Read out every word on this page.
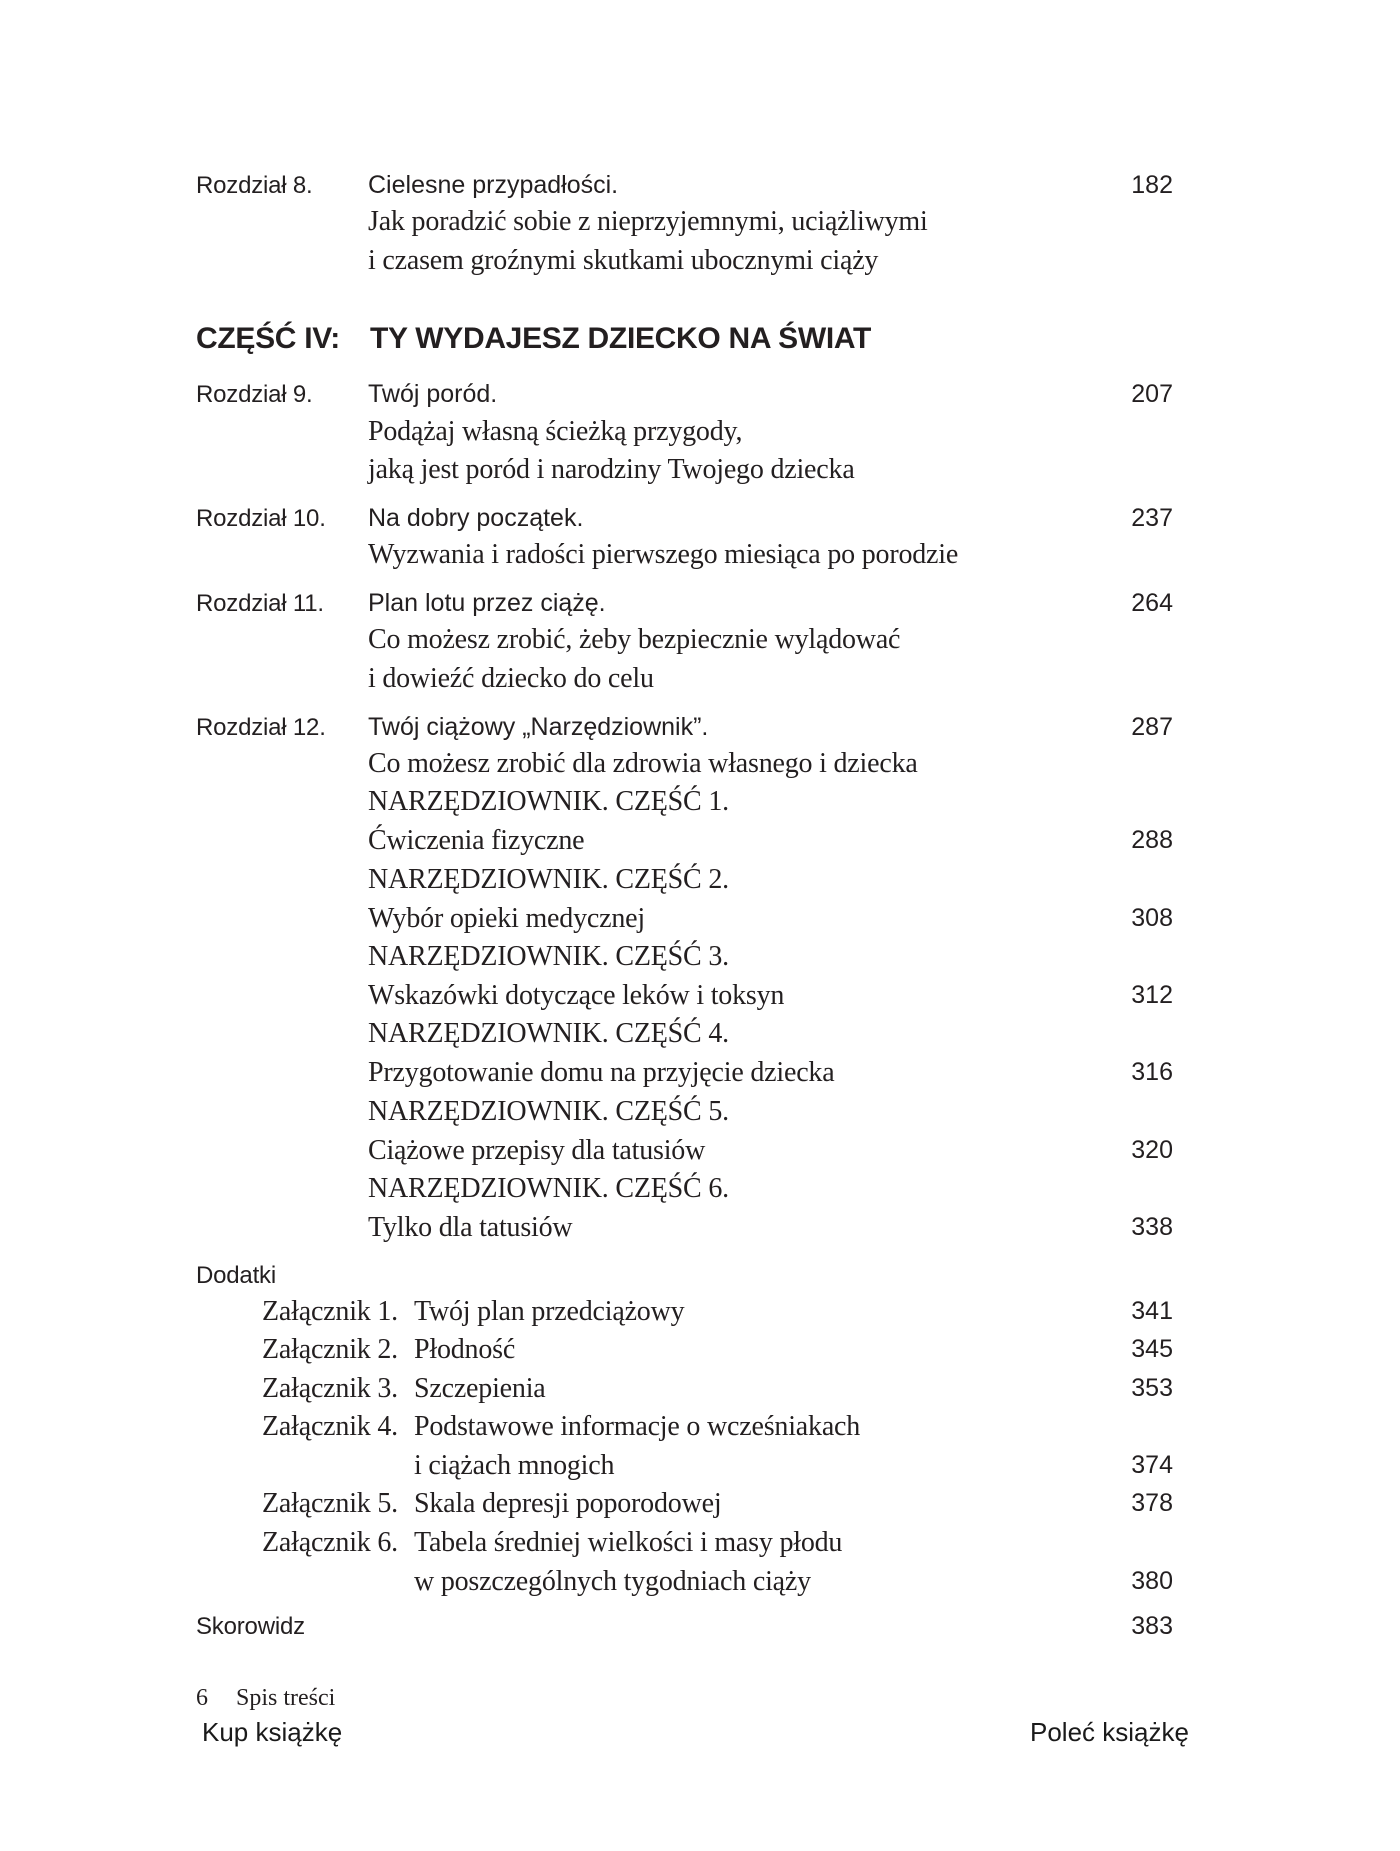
Rozdział 8. Cielesne przypadłości.	182
Jak poradzić sobie z nieprzyjemnymi, uciążliwymi
i czasem groźnymi skutkami ubocznymi ciąży
CZĘŚĆ IV: TY WYDAJESZ DZIECKO NA ŚWIAT
Rozdział 9. Twój poród.	207
Podążaj własną ścieżką przygody,
jaką jest poród i narodziny Twojego dziecka
Rozdział 10. Na dobry początek.	237
Wyzwania i radości pierwszego miesiąca po porodzie
Rozdział 11. Plan lotu przez ciążę.	264
Co możesz zrobić, żeby bezpiecznie wylądować
i dowieźć dziecko do celu
Rozdział 12. Twój ciążowy „Narzędziownik”.	287
Co możesz zrobić dla zdrowia własnego i dziecka
NARZĘDZIOWNIK. CZĘŚĆ 1.
Ćwiczenia fizyczne	288
NARZĘDZIOWNIK. CZĘŚĆ 2.
Wybór opieki medycznej	308
NARZĘDZIOWNIK. CZĘŚĆ 3.
Wskazówki dotyczące leków i toksyn	312
NARZĘDZIOWNIK. CZĘŚĆ 4.
Przygotowanie domu na przyjęcie dziecka	316
NARZĘDZIOWNIK. CZĘŚĆ 5.
Ciążowe przepisy dla tatusiów	320
NARZĘDZIOWNIK. CZĘŚĆ 6.
Tylko dla tatusiów	338
Dodatki
Załącznik 1. Twój plan przedciążowy	341
Załącznik 2. Płodność	345
Załącznik 3. Szczepienia	353
Załącznik 4. Podstawowe informacje o wcześniakach
i ciążach mnogich	374
Załącznik 5. Skala depresji poporodowej	378
Załącznik 6. Tabela średniej wielkości i masy płodu
w poszczególnych tygodniach ciąży	380
Skorowidz	383
6 Spis treści
Kup książkę	Poleć książkę
